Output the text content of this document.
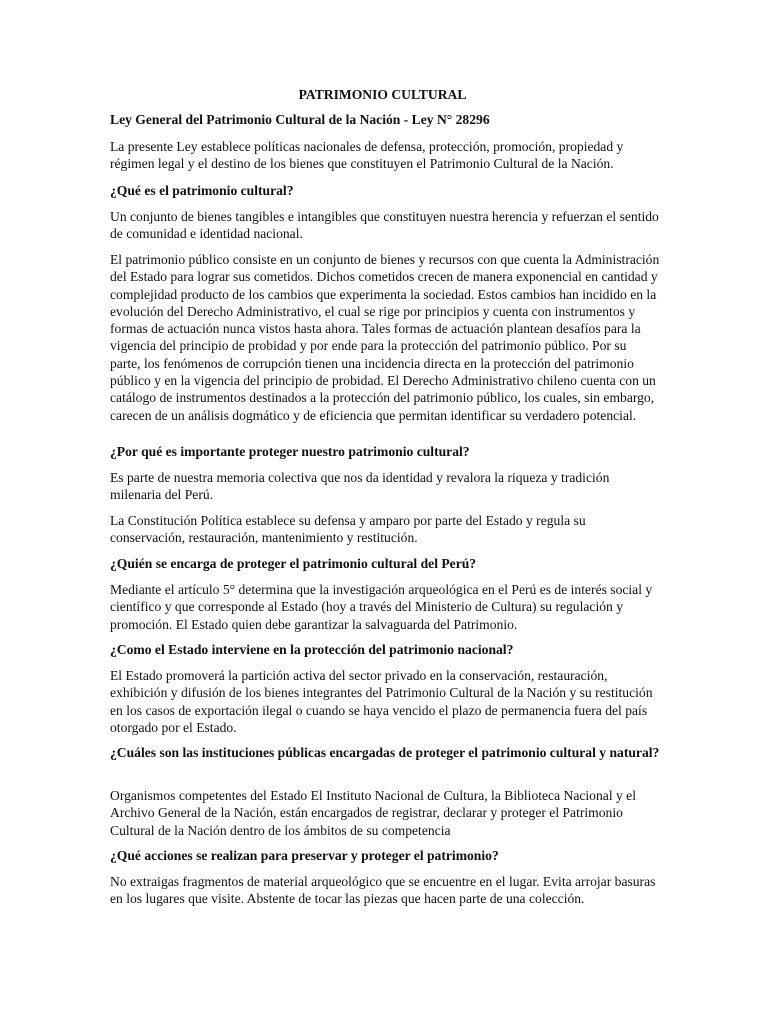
PATRIMONIO CULTURAL

Ley General del Patrimonio Cultural de la Nación - Ley N° 28296

La presente Ley establece políticas nacionales de defensa, protección, promoción, propiedad y régimen legal y el destino de los bienes que constituyen el Patrimonio Cultural de la Nación.

¿Qué es el patrimonio cultural?

Un conjunto de bienes tangibles e intangibles que constituyen nuestra herencia y refuerzan el sentido de comunidad e identidad nacional.

El patrimonio público consiste en un conjunto de bienes y recursos con que cuenta la Administración del Estado para lograr sus cometidos. Dichos cometidos crecen de manera exponencial en cantidad y complejidad producto de los cambios que experimenta la sociedad. Estos cambios han incidido en la evolución del Derecho Administrativo, el cual se rige por principios y cuenta con instrumentos y formas de actuación nunca vistos hasta ahora. Tales formas de actuación plantean desafíos para la vigencia del principio de probidad y por ende para la protección del patrimonio público. Por su parte, los fenómenos de corrupción tienen una incidencia directa en la protección del patrimonio público y en la vigencia del principio de probidad. El Derecho Administrativo chileno cuenta con un catálogo de instrumentos destinados a la protección del patrimonio público, los cuales, sin embargo, carecen de un análisis dogmático y de eficiencia que permitan identificar su verdadero potencial.

¿Por qué es importante proteger nuestro patrimonio cultural?

Es parte de nuestra memoria colectiva que nos da identidad y revalora la riqueza y tradición milenaria del Perú.

La Constitución Política establece su defensa y amparo por parte del Estado y regula su conservación, restauración, mantenimiento y restitución.

¿Quién se encarga de proteger el patrimonio cultural del Perú?

Mediante el artículo 5° determina que la investigación arqueológica en el Perú es de interés social y científico y que corresponde al Estado (hoy a través del Ministerio de Cultura) su regulación y promoción. El Estado quien debe garantizar la salvaguarda del Patrimonio.

¿Como el Estado interviene en la protección del patrimonio nacional?

El Estado promoverá la partición activa del sector privado en la conservación, restauración, exhibición y difusión de los bienes integrantes del Patrimonio Cultural de la Nación y su restitución en los casos de exportación ilegal o cuando se haya vencido el plazo de permanencia fuera del país otorgado por el Estado.

¿Cuáles son las instituciones públicas encargadas de proteger el patrimonio cultural y natural?

Organismos competentes del Estado El Instituto Nacional de Cultura, la Biblioteca Nacional y el Archivo General de la Nación, están encargados de registrar, declarar y proteger el Patrimonio Cultural de la Nación dentro de los ámbitos de su competencia

¿Qué acciones se realizan para preservar y proteger el patrimonio?

No extraigas fragmentos de material arqueológico que se encuentre en el lugar. Evita arrojar basuras en los lugares que visite. Abstente de tocar las piezas que hacen parte de una colección.
